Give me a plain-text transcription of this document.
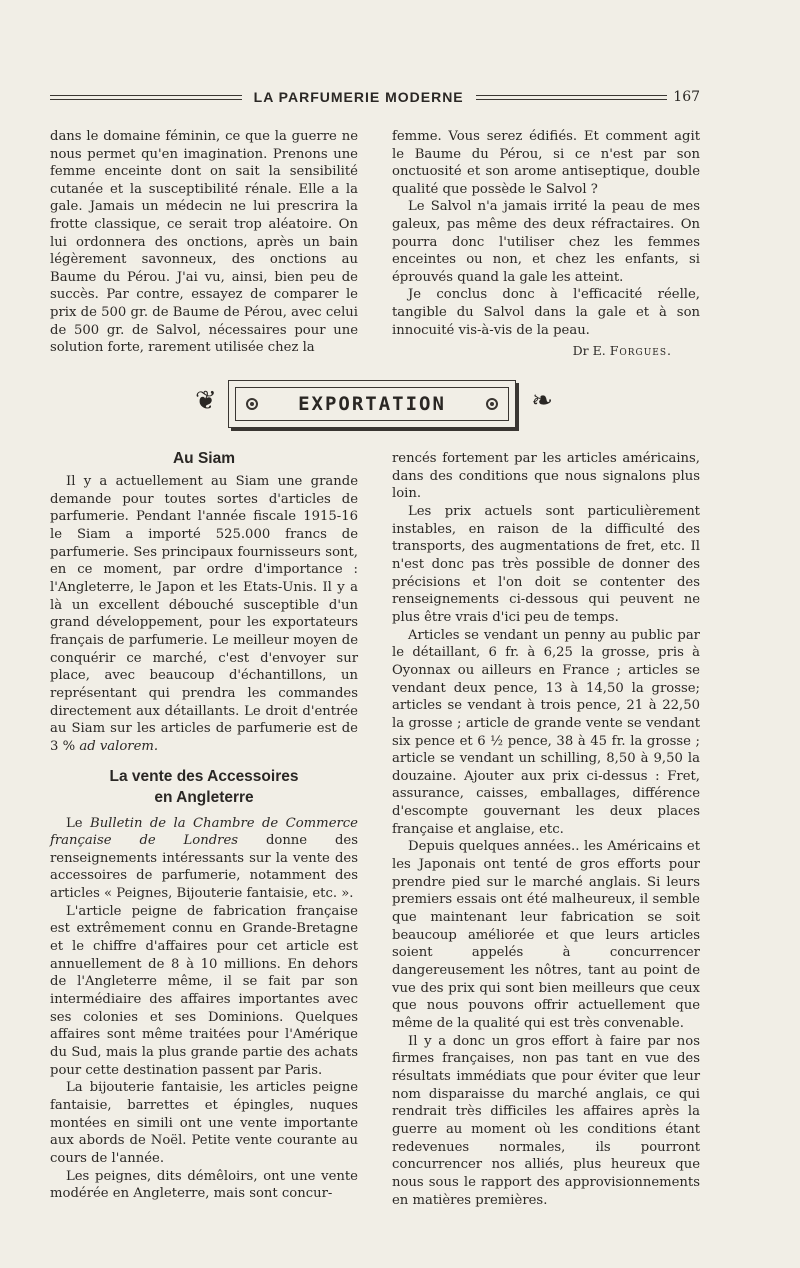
LA PARFUMERIE MODERNE	167

dans le domaine féminin, ce que la guerre ne nous permet qu'en imagination. Prenons une femme enceinte dont on sait la sensibilité cutanée et la susceptibilité rénale. Elle a la gale. Jamais un médecin ne lui prescrira la frotte classique, ce serait trop aléatoire. On lui ordonnera des onctions, après un bain légèrement savonneux, des onctions au Baume du Pérou. J'ai vu, ainsi, bien peu de succès. Par contre, essayez de comparer le prix de 500 gr. de Baume de Pérou, avec celui de 500 gr. de Salvol, nécessaires pour une solution forte, rarement utilisée chez la

femme. Vous serez édifiés. Et comment agit le Baume du Pérou, si ce n'est par son onctuosité et son arome antiseptique, double qualité que possède le Salvol ?

Le Salvol n'a jamais irrité la peau de mes galeux, pas même des deux réfractaires. On pourra donc l'utiliser chez les femmes enceintes ou non, et chez les enfants, si éprouvés quand la gale les atteint.

Je conclus donc à l'efficacité réelle, tangible du Salvol dans la gale et à son innocuité vis-à-vis de la peau.

Dr E. Forgues.
❦	EXPORTATION	❧
Au Siam

Il y a actuellement au Siam une grande demande pour toutes sortes d'articles de parfumerie. Pendant l'année fiscale 1915-16 le Siam a importé 525.000 francs de parfumerie. Ses principaux fournisseurs sont, en ce moment, par ordre d'importance : l'Angleterre, le Japon et les Etats-Unis. Il y a là un excellent débouché susceptible d'un grand développement, pour les exportateurs français de parfumerie. Le meilleur moyen de conquérir ce marché, c'est d'envoyer sur place, avec beaucoup d'échantillons, un représentant qui prendra les commandes directement aux détaillants. Le droit d'entrée au Siam sur les articles de parfumerie est de 3 % ad valorem.

La vente des Accessoires
en Angleterre

Le Bulletin de la Chambre de Commerce française de Londres donne des renseignements intéressants sur la vente des accessoires de parfumerie, notamment des articles « Peignes, Bijouterie fantaisie, etc. ».

L'article peigne de fabrication française est extrêmement connu en Grande-Bretagne et le chiffre d'affaires pour cet article est annuellement de 8 à 10 millions. En dehors de l'Angleterre même, il se fait par son intermédiaire des affaires importantes avec ses colonies et ses Dominions. Quelques affaires sont même traitées pour l'Amérique du Sud, mais la plus grande partie des achats pour cette destination passent par Paris.

La bijouterie fantaisie, les articles peigne fantaisie, barrettes et épingles, nuques montées en simili ont une vente importante aux abords de Noël. Petite vente courante au cours de l'année.

Les peignes, dits démêloirs, ont une vente modérée en Angleterre, mais sont concur-

rencés fortement par les articles américains, dans des conditions que nous signalons plus loin.

Les prix actuels sont particulièrement instables, en raison de la difficulté des transports, des augmentations de fret, etc. Il n'est donc pas très possible de donner des précisions et l'on doit se contenter des renseignements ci-dessous qui peuvent ne plus être vrais d'ici peu de temps.

Articles se vendant un penny au public par le détaillant, 6 fr. à 6,25 la grosse, pris à Oyonnax ou ailleurs en France ; articles se vendant deux pence, 13 à 14,50 la grosse; articles se vendant à trois pence, 21 à 22,50 la grosse ; article de grande vente se vendant six pence et 6 ½ pence, 38 à 45 fr. la grosse ; article se vendant un schilling, 8,50 à 9,50 la douzaine. Ajouter aux prix ci-dessus : Fret, assurance, caisses, emballages, différence d'escompte gouvernant les deux places française et anglaise, etc.

Depuis quelques années.. les Américains et les Japonais ont tenté de gros efforts pour prendre pied sur le marché anglais. Si leurs premiers essais ont été malheureux, il semble que maintenant leur fabrication se soit beaucoup améliorée et que leurs articles soient appelés à concurrencer dangereusement les nôtres, tant au point de vue des prix qui sont bien meilleurs que ceux que nous pouvons offrir actuellement que même de la qualité qui est très convenable.

Il y a donc un gros effort à faire par nos firmes françaises, non pas tant en vue des résultats immédiats que pour éviter que leur nom disparaisse du marché anglais, ce qui rendrait très difficiles les affaires après la guerre au moment où les conditions étant redevenues normales, ils pourront concurrencer nos alliés, plus heureux que nous sous le rapport des approvisionnements en matières premières.
